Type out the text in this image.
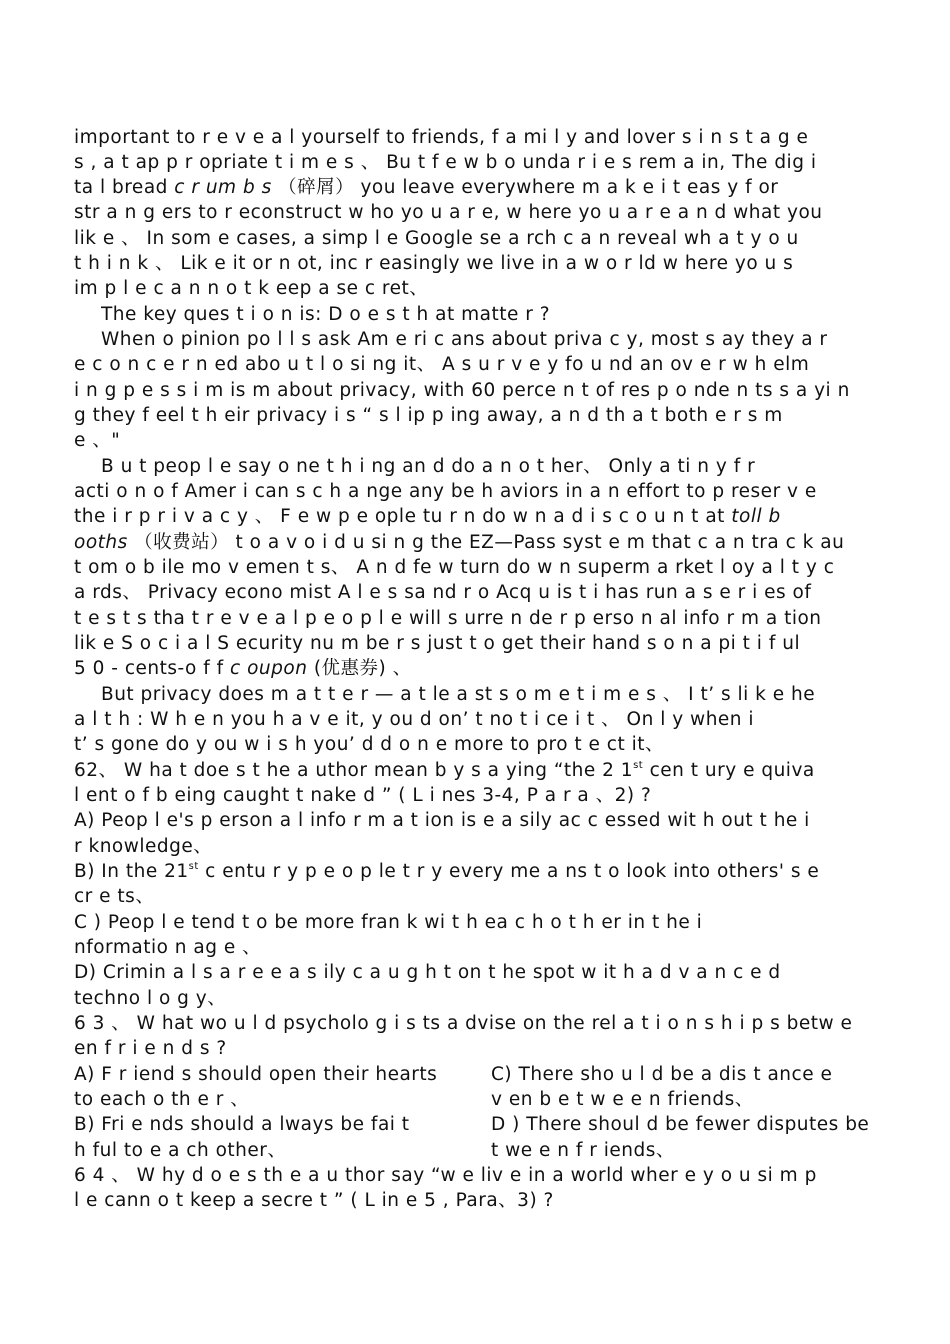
important to r e v e a l yourself to friends, f a mi l y and lover s i n s t a g e
s , a t ap p r opriate t i m e s 、 Bu t f e w b o unda r i e s rem a in, The dig i
ta l bread c r um b s （碎屑） you leave everywhere m a k e i t eas y f or
str a n g ers to r econstruct w ho yo u a r e, w here yo u a r e a n d what you
lik e 、 In som e cases, a simp l e Google se a rch c a n reveal wh a t y o u
t h i n k 、 Lik e it or n ot, inc r easingly we live in a w o r ld w here yo u s
im p l e c a n n o t k eep a se c ret、
The key ques t i o n is: D o e s t h at matte r ?
When o pinion po l l s ask Am e ri c ans about priva c y, most s ay they a r
e c o n c e r n ed abo u t l o si ng it、 A s u r v e y fo u nd an ov e r w h elm
i n g p e s s i m is m about privacy, with 60 perce n t of res p o nde n ts s a yi n
g they f eel t h eir privacy i s “ s l ip p ing away, a n d th a t both e r s m
e 、"
B u t peop l e say o ne t h i ng an d do a n o t her、 Only a ti n y f r
acti o n o f Amer i can s c h a nge any be h aviors in a n effort to p reser v e
the i r p r i v a c y 、 F e w p e ople tu r n do w n a d i s c o u n t at toll b
ooths （收费站） t o a v o i d u si n g the EZ—Pass syst e m that c a n tra c k au
t om o b ile mo v emen t s、 A n d fe w turn do w n superm a rket l oy a l t y c
a rds、 Privacy econo mist A l e s sa nd r o Acq u is t i has run a s e r i es of
t e s t s tha t r e v e a l p e o p l e will s urre n de r p erso n al info r m a tion
lik e S o c i a l S ecurity nu m be r s just t o get their hand s o n a pi t i f ul
5 0 - cents-o f f c oupon (优惠券) 、
But privacy does m a t t e r — a t le a st s o m e t i m e s 、 I t’ s li k e he
a l t h : W h e n you h a v e it, y ou d on’ t no t i ce i t 、 On l y when i
t’ s gone do y ou w i s h you’ d d o n e more to pro t e ct it、
62、 W ha t doe s t he a uthor mean b y s a ying “the 2 1st cen t ury e quiva
l ent o f b eing caught t nake d ” ( L i nes 3-4, P a r a 、2) ?
A) Peop l e's p erson a l info r m a t ion is e a sily ac c essed wit h out t he i
r knowledge、
B) In the 21st c entu r y p e o p le t r y every me a ns t o look into others' s e
cr e ts、
C ) Peop l e tend t o be more fran k wi t h ea c h o t h er in t he i
nformatio n ag e 、
D) Crimin a l s a r e e a s ily c a u g h t on t he spot w it h a d v a n c e d
techno l o g y、
6 3 、 W hat wo u l d psycholo g i s ts a dvise on the rel a t i o n s h i p s betw e
en f r i e n d s ?
A) F r iend s should open their hearts	C) There sho u l d be a dis t ance e
to each o th e r 、	v en b e t w e e n friends、
B) Fri e nds should a lways be fai t	D ) There shoul d be fewer disputes be
h ful to e a ch other、	t we e n f r iends、
6 4 、 W hy d o e s th e a u thor say “w e liv e in a world wher e y o u si m p
l e cann o t keep a secre t ” ( L in e 5 , Para、3) ?
